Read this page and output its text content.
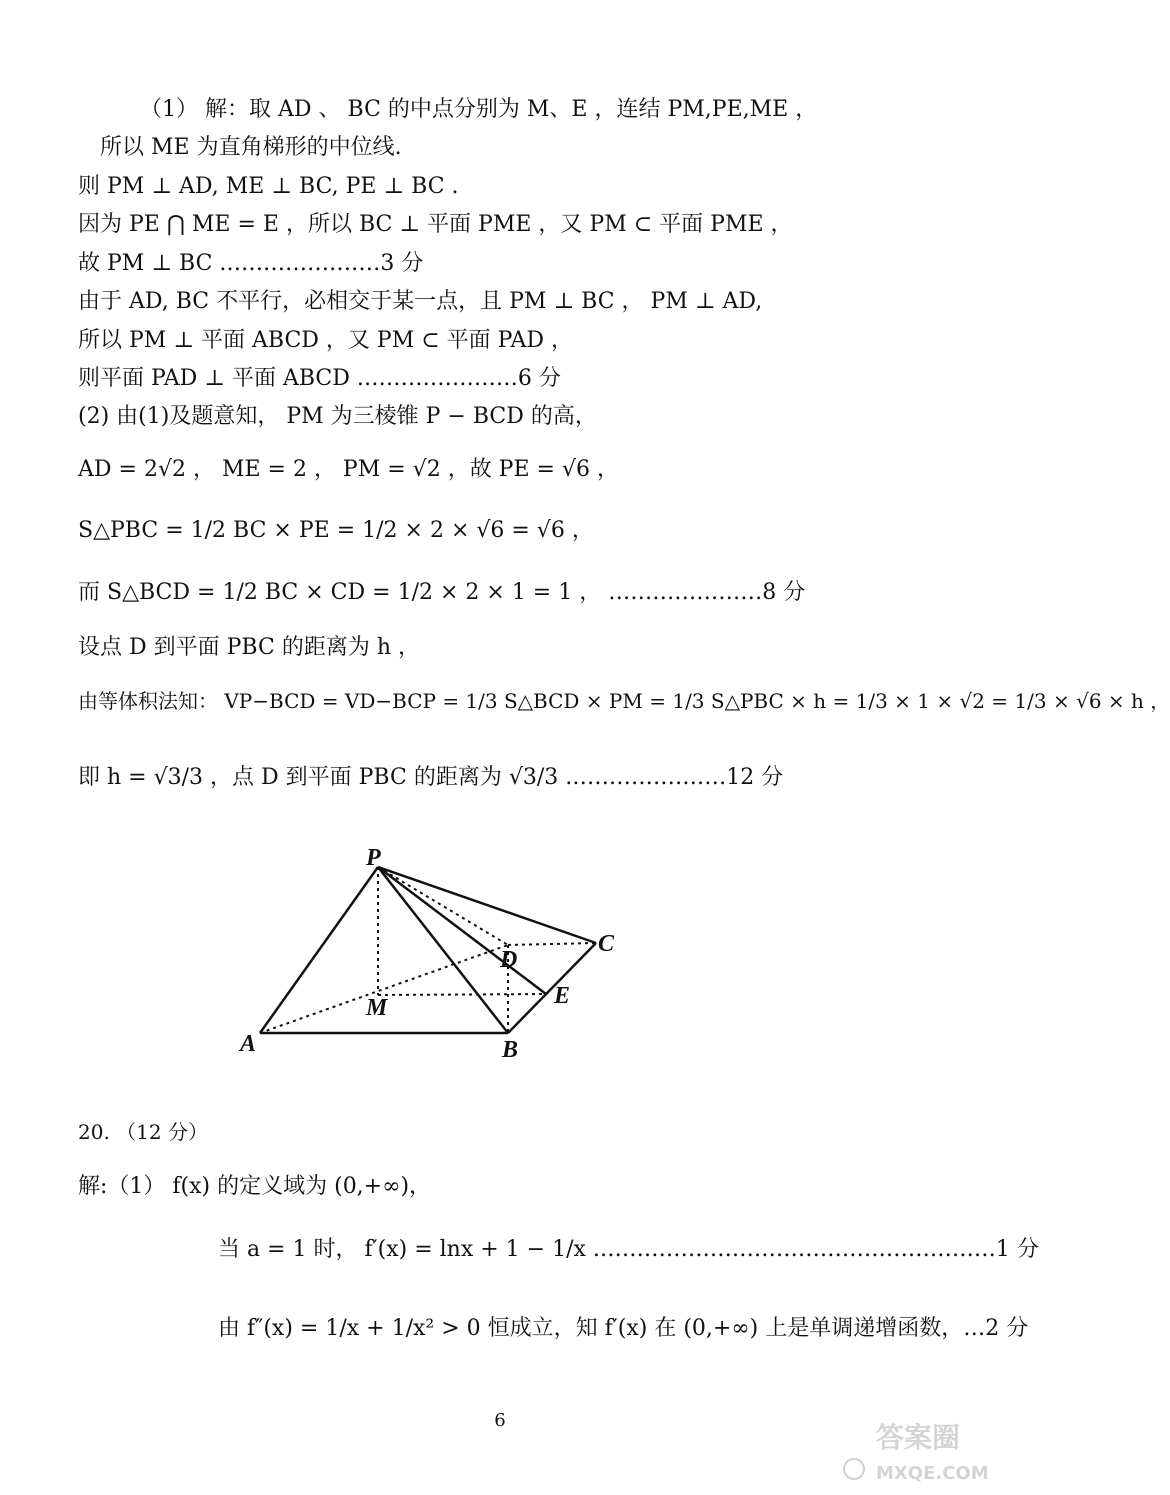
（1） 解：取 AD 、 BC 的中点分别为 M、E ，连结 PM,PE,ME ，
所以 ME 为直角梯形的中位线.
则 PM ⊥ AD, ME ⊥ BC, PE ⊥ BC .
因为 PE ⋂ ME = E ，所以 BC ⊥ 平面 PME ，又 PM ⊂ 平面 PME ，
故 PM ⊥ BC .…………………3 分
由于 AD, BC 不平行，必相交于某一点，且 PM ⊥ BC ， PM ⊥ AD,
所以 PM ⊥ 平面 ABCD ，又 PM ⊂ 平面 PAD ，
则平面 PAD ⊥ 平面 ABCD .…………………6 分
(2) 由(1)及题意知， PM 为三棱锥 P − BCD 的高，
AD = 2√2 ， ME = 2 ， PM = √2 ，故 PE = √6 ，
S△PBC = 1/2 BC × PE = 1/2 × 2 × √6 = √6 ，
而 S△BCD = 1/2 BC × CD = 1/2 × 2 × 1 = 1 ， …………………8 分
设点 D 到平面 PBC 的距离为 h ，
由等体积法知： VP−BCD = VD−BCP = 1/3 S△BCD × PM = 1/3 S△PBC × h = 1/3 × 1 × √2 = 1/3 × √6 × h ，
即 h = √3/3 ，点 D 到平面 PBC 的距离为 √3/3 .…………………12 分
P
A	B
C
D
E
M
20. （12 分）
解:（1） f(x) 的定义域为 (0,+∞)，
当 a = 1 时， f′(x) = lnx + 1 − 1/x .………………………………………………1 分
由 f″(x) = 1/x + 1/x² > 0 恒成立，知 f′(x) 在 (0,+∞) 上是单调递增函数，…2 分
6
答案圈
MXQE.COM
